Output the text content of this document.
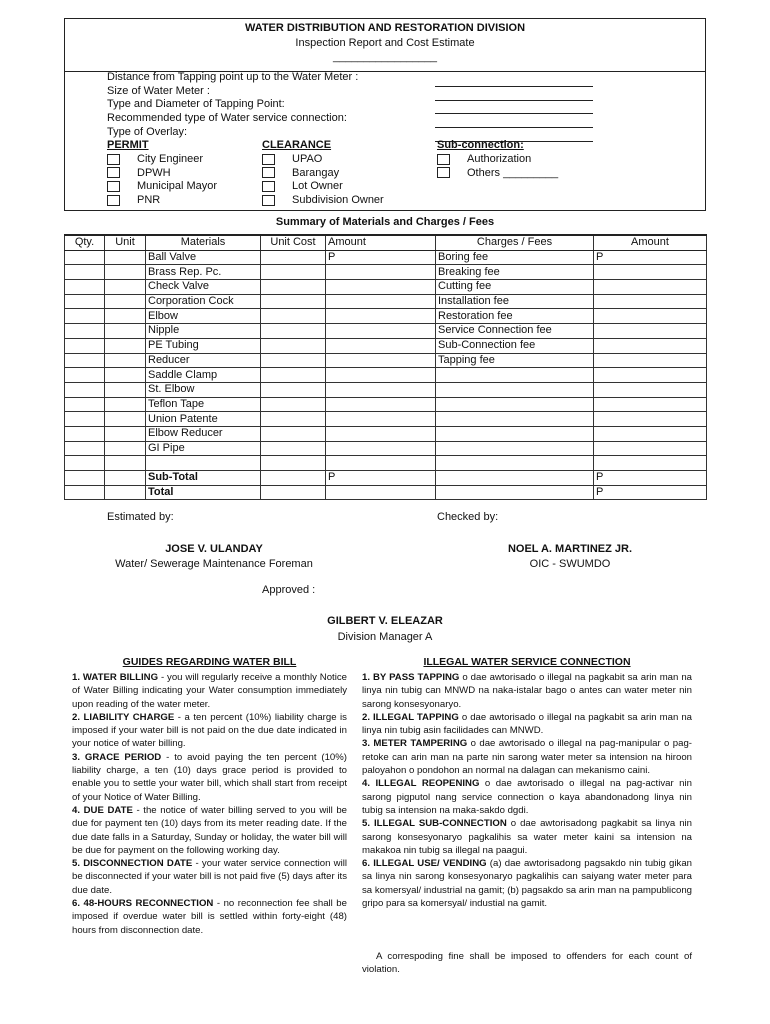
WATER DISTRIBUTION AND RESTORATION DIVISION
Inspection Report and Cost Estimate
_________________
Distance from Tapping point up to the Water Meter :
Size of Water Meter :
Type and Diameter of Tapping Point:
Recommended type of Water service connection:
Type of Overlay:
PERMIT
City Engineer
DPWH
Municipal Mayor
PNR
CLEARANCE
UPAO
Barangay
Lot Owner
Subdivision Owner
Sub-connection:
Authorization
Others _________
Summary of Materials and Charges / Fees
Qty.	Unit	Materials	Unit Cost	Amount	Charges / Fees	Amount
		Ball Valve		P	Boring fee	P
		Brass Rep. Pc.			Breaking fee	
		Check Valve			Cutting fee	
		Corporation Cock			Installation fee	
		Elbow			Restoration fee	
		Nipple			Service Connection fee	
		PE Tubing			Sub-Connection fee	
		Reducer			Tapping fee	
		Saddle Clamp				
		St. Elbow				
		Teflon Tape				
		Union Patente				
		Elbow Reducer				
		GI Pipe				

		Sub-Total		P		P
		Total				P
Estimated by:	Checked by:
JOSE V. ULANDAY
Water/ Sewerage Maintenance Foreman
NOEL A. MARTINEZ JR.
OIC - SWUMDO
Approved :
GILBERT V. ELEAZAR
Division Manager A
GUIDES REGARDING WATER BILL

1. WATER BILLING - you will regularly receive a monthly Notice of Water Billing indicating your Water consumption immediately upon reading of the water meter.

2. LIABILITY CHARGE - a ten percent (10%) liability charge is imposed if your water bill is not paid on the due date indicated in your notice of water billing.

3. GRACE PERIOD - to avoid paying the ten percent (10%) liability charge, a ten (10) days grace period is provided to enable you to settle your water bill, which shall start from receipt of your Notice of Water Billing.

4. DUE DATE - the notice of water billing served to you will be due for payment ten (10) days from its meter reading date. If the due date falls in a Saturday, Sunday or holiday, the water bill will be due for payment on the following working day.

5. DISCONNECTION DATE - your water service connection will be disconnected if your water bill is not paid five (5) days after its due date.

6. 48-HOURS RECONNECTION - no reconnection fee shall be imposed if overdue water bill is settled within forty-eight (48) hours from disconnection date.

ILLEGAL WATER SERVICE CONNECTION

1. BY PASS TAPPING o dae awtorisado o illegal na pagkabit sa arin man na linya nin tubig can MNWD na naka-istalar bago o antes can water meter nin sarong konsesyonaryo.

2. ILLEGAL TAPPING o dae awtorisado o illegal na pagkabit sa arin man na linya nin tubig asin facilidades can MNWD.

3. METER TAMPERING o dae awtorisado o illegal na pag-manipular o pag-retoke can arin man na parte nin sarong water meter sa intension na hiroon paloyahon o pondohon an normal na dalagan can mekanismo caini.

4. ILLEGAL REOPENING o dae awtorisado o illegal na pag-activar nin sarong pigputol nang service connection o kaya abandonadong linya nin tubig sa intension na maka-sakdo dgdi.

5. ILLEGAL SUB-CONNECTION o dae awtorisadong pagkabit sa linya nin sarong konsesyonaryo pagkalihis sa water meter kaini sa intension na makakoa nin tubig sa illegal na paagui.

6. ILLEGAL USE/ VENDING (a) dae awtorisadong pagsakdo nin tubig gikan sa linya nin sarong konsesyonaryo pagkalihis can saiyang water meter para sa komersyal/ industrial na gamit; (b) pagsakdo sa arin man na pampublicong gripo para sa komersyal/ industial na gamit.

A correspoding fine shall be imposed to offenders for each count of violation.
